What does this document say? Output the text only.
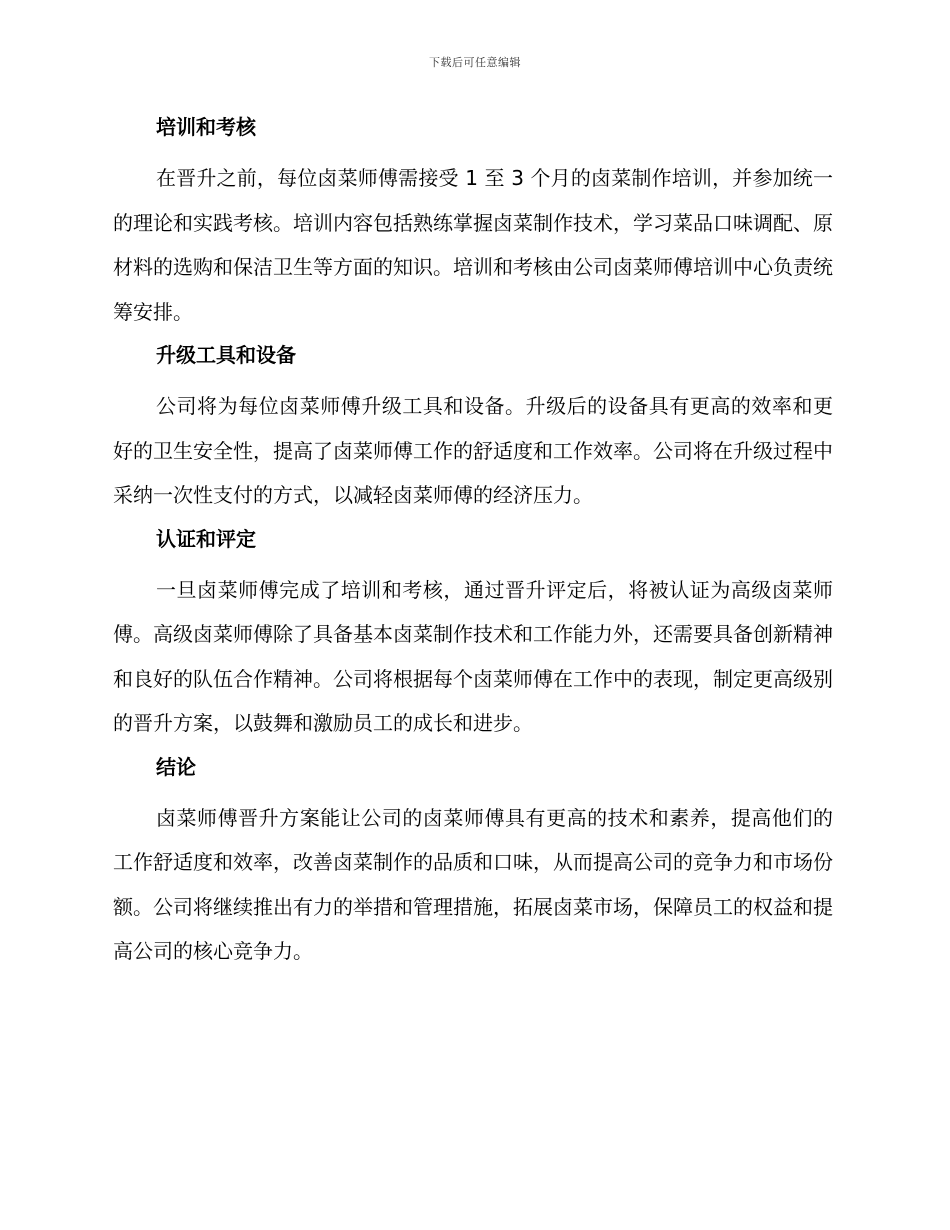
下载后可任意编辑
培训和考核

在晋升之前，每位卤菜师傅需接受 1 至 3 个月的卤菜制作培训，并参加统一的理论和实践考核。培训内容包括熟练掌握卤菜制作技术，学习菜品口味调配、原材料的选购和保洁卫生等方面的知识。培训和考核由公司卤菜师傅培训中心负责统筹安排。

升级工具和设备

公司将为每位卤菜师傅升级工具和设备。升级后的设备具有更高的效率和更好的卫生安全性，提高了卤菜师傅工作的舒适度和工作效率。公司将在升级过程中采纳一次性支付的方式，以减轻卤菜师傅的经济压力。

认证和评定

一旦卤菜师傅完成了培训和考核，通过晋升评定后，将被认证为高级卤菜师傅。高级卤菜师傅除了具备基本卤菜制作技术和工作能力外，还需要具备创新精神和良好的队伍合作精神。公司将根据每个卤菜师傅在工作中的表现，制定更高级别的晋升方案，以鼓舞和激励员工的成长和进步。

结论

卤菜师傅晋升方案能让公司的卤菜师傅具有更高的技术和素养，提高他们的工作舒适度和效率，改善卤菜制作的品质和口味，从而提高公司的竞争力和市场份额。公司将继续推出有力的举措和管理措施，拓展卤菜市场，保障员工的权益和提高公司的核心竞争力。
